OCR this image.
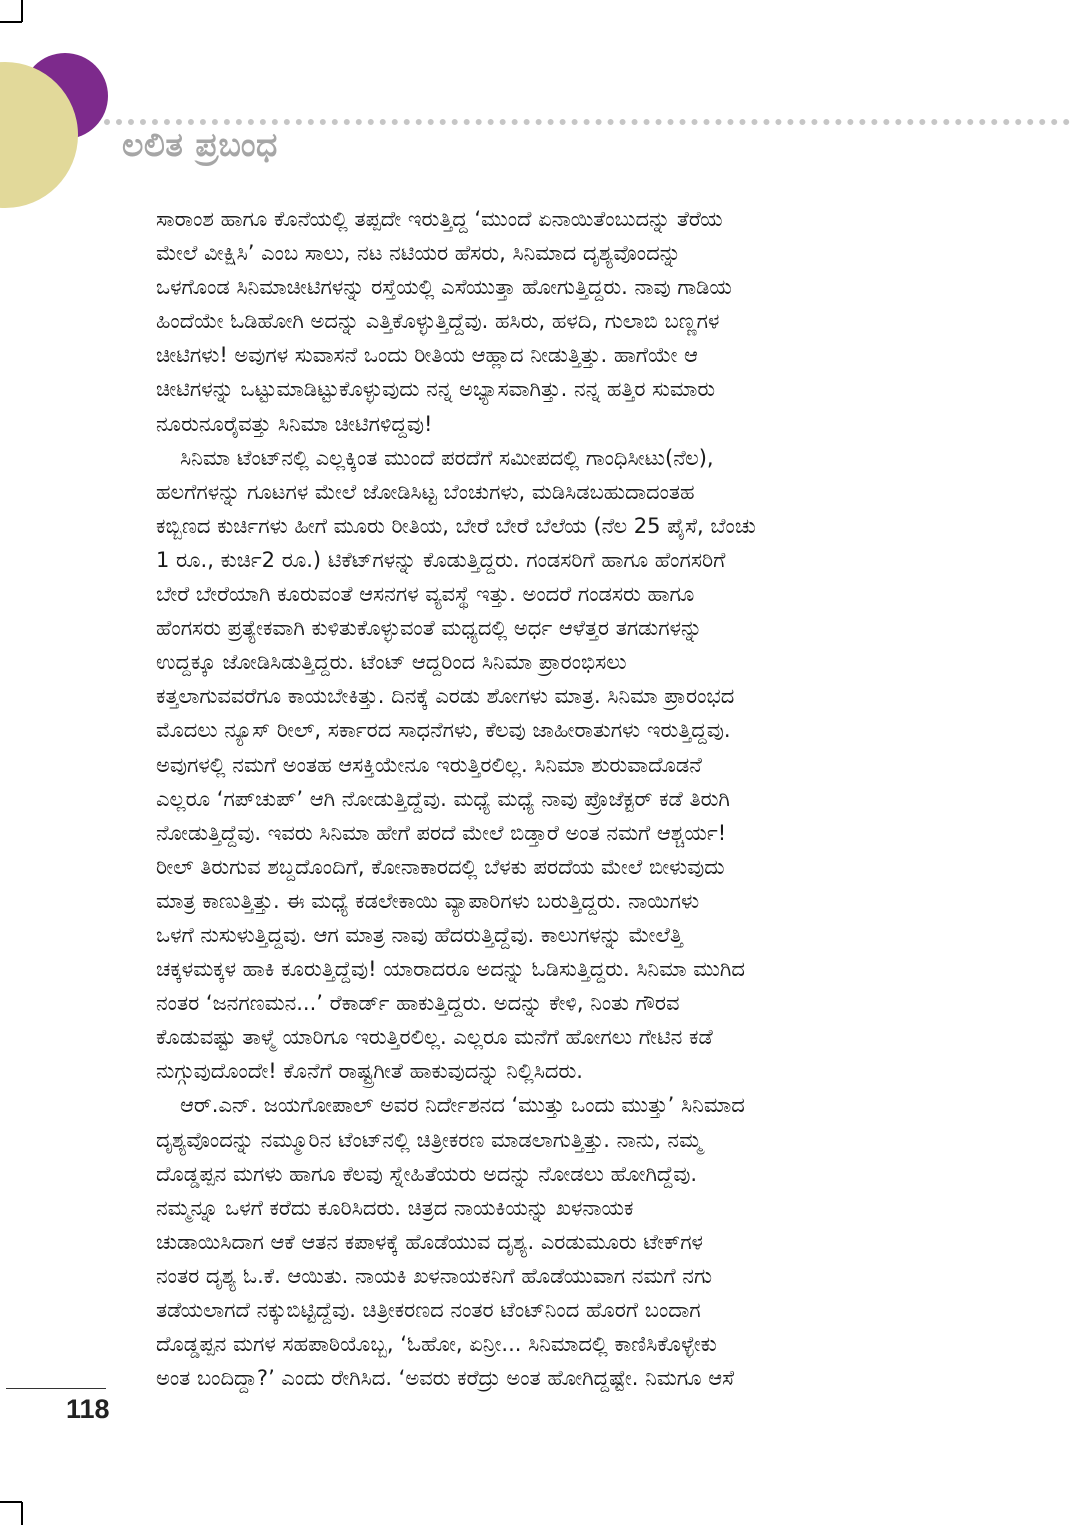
ಲಲಿತ ಪ್ರಬಂಧ
ಸಾರಾಂಶ ಹಾಗೂ ಕೊನೆಯಲ್ಲಿ ತಪ್ಪದೇ ಇರುತ್ತಿದ್ದ ‘ಮುಂದೆ ಏನಾಯಿತೆಂಬುದನ್ನು ತೆರೆಯ
ಮೇಲೆ ವೀಕ್ಷಿಸಿ’ ಎಂಬ ಸಾಲು, ನಟ ನಟಿಯರ ಹೆಸರು, ಸಿನಿಮಾದ ದೃಶ್ಯವೊಂದನ್ನು
ಒಳಗೊಂಡ ಸಿನಿಮಾಚೀಟಿಗಳನ್ನು ರಸ್ತೆಯಲ್ಲಿ ಎಸೆಯುತ್ತಾ ಹೋಗುತ್ತಿದ್ದರು. ನಾವು ಗಾಡಿಯ
ಹಿಂದೆಯೇ ಓಡಿಹೋಗಿ ಅದನ್ನು ಎತ್ತಿಕೊಳ್ಳುತ್ತಿದ್ದೆವು. ಹಸಿರು, ಹಳದಿ, ಗುಲಾಬಿ ಬಣ್ಣಗಳ
ಚೀಟಿಗಳು! ಅವುಗಳ ಸುವಾಸನೆ ಒಂದು ರೀತಿಯ ಆಹ್ಲಾದ ನೀಡುತ್ತಿತ್ತು. ಹಾಗೆಯೇ ಆ
ಚೀಟಿಗಳನ್ನು ಒಟ್ಟುಮಾಡಿಟ್ಟುಕೊಳ್ಳುವುದು ನನ್ನ ಅಭ್ಯಾಸವಾಗಿತ್ತು. ನನ್ನ ಹತ್ತಿರ ಸುಮಾರು
ನೂರುನೂರೈವತ್ತು ಸಿನಿಮಾ ಚೀಟಿಗಳಿದ್ದವು!
ಸಿನಿಮಾ ಟೆಂಟ್‌ನಲ್ಲಿ ಎಲ್ಲಕ್ಕಿಂತ ಮುಂದೆ ಪರದೆಗೆ ಸಮೀಪದಲ್ಲಿ ಗಾಂಧಿಸೀಟು(ನೆಲ),
ಹಲಗೆಗಳನ್ನು ಗೂಟಗಳ ಮೇಲೆ ಜೋಡಿಸಿಟ್ಟ ಬೆಂಚುಗಳು, ಮಡಿಸಿಡಬಹುದಾದಂತಹ
ಕಬ್ಬಿಣದ ಕುರ್ಚಿಗಳು ಹೀಗೆ ಮೂರು ರೀತಿಯ, ಬೇರೆ ಬೇರೆ ಬೆಲೆಯ (ನೆಲ 25 ಪೈಸೆ, ಬೆಂಚು
1 ರೂ., ಕುರ್ಚಿ2 ರೂ.) ಟಿಕೆಟ್‌ಗಳನ್ನು ಕೊಡುತ್ತಿದ್ದರು. ಗಂಡಸರಿಗೆ ಹಾಗೂ ಹೆಂಗಸರಿಗೆ
ಬೇರೆ ಬೇರೆಯಾಗಿ ಕೂರುವಂತೆ ಆಸನಗಳ ವ್ಯವಸ್ಥೆ ಇತ್ತು. ಅಂದರೆ ಗಂಡಸರು ಹಾಗೂ
ಹೆಂಗಸರು ಪ್ರತ್ಯೇಕವಾಗಿ ಕುಳಿತುಕೊಳ್ಳುವಂತೆ ಮಧ್ಯದಲ್ಲಿ ಅರ್ಧ ಆಳೆತ್ತರ ತಗಡುಗಳನ್ನು
ಉದ್ದಕ್ಕೂ ಜೋಡಿಸಿಡುತ್ತಿದ್ದರು. ಟೆಂಟ್ ಆದ್ದರಿಂದ ಸಿನಿಮಾ ಪ್ರಾರಂಭಿಸಲು
ಕತ್ತಲಾಗುವವರೆಗೂ ಕಾಯಬೇಕಿತ್ತು. ದಿನಕ್ಕೆ ಎರಡು ಶೋಗಳು ಮಾತ್ರ. ಸಿನಿಮಾ ಪ್ರಾರಂಭದ
ಮೊದಲು ನ್ಯೂಸ್ ರೀಲ್, ಸರ್ಕಾರದ ಸಾಧನೆಗಳು, ಕೆಲವು ಜಾಹೀರಾತುಗಳು ಇರುತ್ತಿದ್ದವು.
ಅವುಗಳಲ್ಲಿ ನಮಗೆ ಅಂತಹ ಆಸಕ್ತಿಯೇನೂ ಇರುತ್ತಿರಲಿಲ್ಲ. ಸಿನಿಮಾ ಶುರುವಾದೊಡನೆ
ಎಲ್ಲರೂ ‘ಗಪ್‌ಚುಪ್’ ಆಗಿ ನೋಡುತ್ತಿದ್ದೆವು. ಮಧ್ಯೆ ಮಧ್ಯೆ ನಾವು ಪ್ರೊಜೆಕ್ಟರ್ ಕಡೆ ತಿರುಗಿ
ನೋಡುತ್ತಿದ್ದೆವು. ಇವರು ಸಿನಿಮಾ ಹೇಗೆ ಪರದೆ ಮೇಲೆ ಬಿಡ್ತಾರೆ ಅಂತ ನಮಗೆ ಆಶ್ಚರ್ಯ!
ರೀಲ್ ತಿರುಗುವ ಶಬ್ದದೊಂದಿಗೆ, ಕೋನಾಕಾರದಲ್ಲಿ ಬೆಳಕು ಪರದೆಯ ಮೇಲೆ ಬೀಳುವುದು
ಮಾತ್ರ ಕಾಣುತ್ತಿತ್ತು. ಈ ಮಧ್ಯೆ ಕಡಲೇಕಾಯಿ ವ್ಯಾಪಾರಿಗಳು ಬರುತ್ತಿದ್ದರು. ನಾಯಿಗಳು
ಒಳಗೆ ನುಸುಳುತ್ತಿದ್ದವು. ಆಗ ಮಾತ್ರ ನಾವು ಹೆದರುತ್ತಿದ್ದೆವು. ಕಾಲುಗಳನ್ನು ಮೇಲೆತ್ತಿ
ಚಕ್ಕಳಮಕ್ಕಳ ಹಾಕಿ ಕೂರುತ್ತಿದ್ದೆವು! ಯಾರಾದರೂ ಅದನ್ನು ಓಡಿಸುತ್ತಿದ್ದರು. ಸಿನಿಮಾ ಮುಗಿದ
ನಂತರ ‘ಜನಗಣಮನ...’ ರೆಕಾರ್ಡ್ ಹಾಕುತ್ತಿದ್ದರು. ಅದನ್ನು ಕೇಳಿ, ನಿಂತು ಗೌರವ
ಕೊಡುವಷ್ಟು ತಾಳ್ಮೆ ಯಾರಿಗೂ ಇರುತ್ತಿರಲಿಲ್ಲ. ಎಲ್ಲರೂ ಮನೆಗೆ ಹೋಗಲು ಗೇಟಿನ ಕಡೆ
ನುಗ್ಗುವುದೊಂದೇ! ಕೊನೆಗೆ ರಾಷ್ಟ್ರಗೀತೆ ಹಾಕುವುದನ್ನು ನಿಲ್ಲಿಸಿದರು.
ಆರ್.ಎನ್. ಜಯಗೋಪಾಲ್ ಅವರ ನಿರ್ದೇಶನದ ‘ಮುತ್ತು ಒಂದು ಮುತ್ತು’ ಸಿನಿಮಾದ
ದೃಶ್ಯವೊಂದನ್ನು ನಮ್ಮೂರಿನ ಟೆಂಟ್‌ನಲ್ಲಿ ಚಿತ್ರೀಕರಣ ಮಾಡಲಾಗುತ್ತಿತ್ತು. ನಾನು, ನಮ್ಮ
ದೊಡ್ಡಪ್ಪನ ಮಗಳು ಹಾಗೂ ಕೆಲವು ಸ್ನೇಹಿತೆಯರು ಅದನ್ನು ನೋಡಲು ಹೋಗಿದ್ದೆವು.
ನಮ್ಮನ್ನೂ ಒಳಗೆ ಕರೆದು ಕೂರಿಸಿದರು. ಚಿತ್ರದ ನಾಯಕಿಯನ್ನು ಖಳನಾಯಕ
ಚುಡಾಯಿಸಿದಾಗ ಆಕೆ ಆತನ ಕಪಾಳಕ್ಕೆ ಹೊಡೆಯುವ ದೃಶ್ಯ. ಎರಡುಮೂರು ಟೇಕ್‌ಗಳ
ನಂತರ ದೃಶ್ಯ ಓ.ಕೆ. ಆಯಿತು. ನಾಯಕಿ ಖಳನಾಯಕನಿಗೆ ಹೊಡೆಯುವಾಗ ನಮಗೆ ನಗು
ತಡೆಯಲಾಗದೆ ನಕ್ಕುಬಿಟ್ಟಿದ್ದೆವು. ಚಿತ್ರೀಕರಣದ ನಂತರ ಟೆಂಟ್‌ನಿಂದ ಹೊರಗೆ ಬಂದಾಗ
ದೊಡ್ಡಪ್ಪನ ಮಗಳ ಸಹಪಾಠಿಯೊಬ್ಬ, ‘ಓಹೋ, ಏನ್ರೀ... ಸಿನಿಮಾದಲ್ಲಿ ಕಾಣಿಸಿಕೊಳ್ಳೇಕು
ಅಂತ ಬಂದಿದ್ದಾ?’ ಎಂದು ರೇಗಿಸಿದ. ‘ಅವರು ಕರೆದ್ರು ಅಂತ ಹೋಗಿದ್ದಷ್ಟೇ. ನಿಮಗೂ ಆಸೆ
118
